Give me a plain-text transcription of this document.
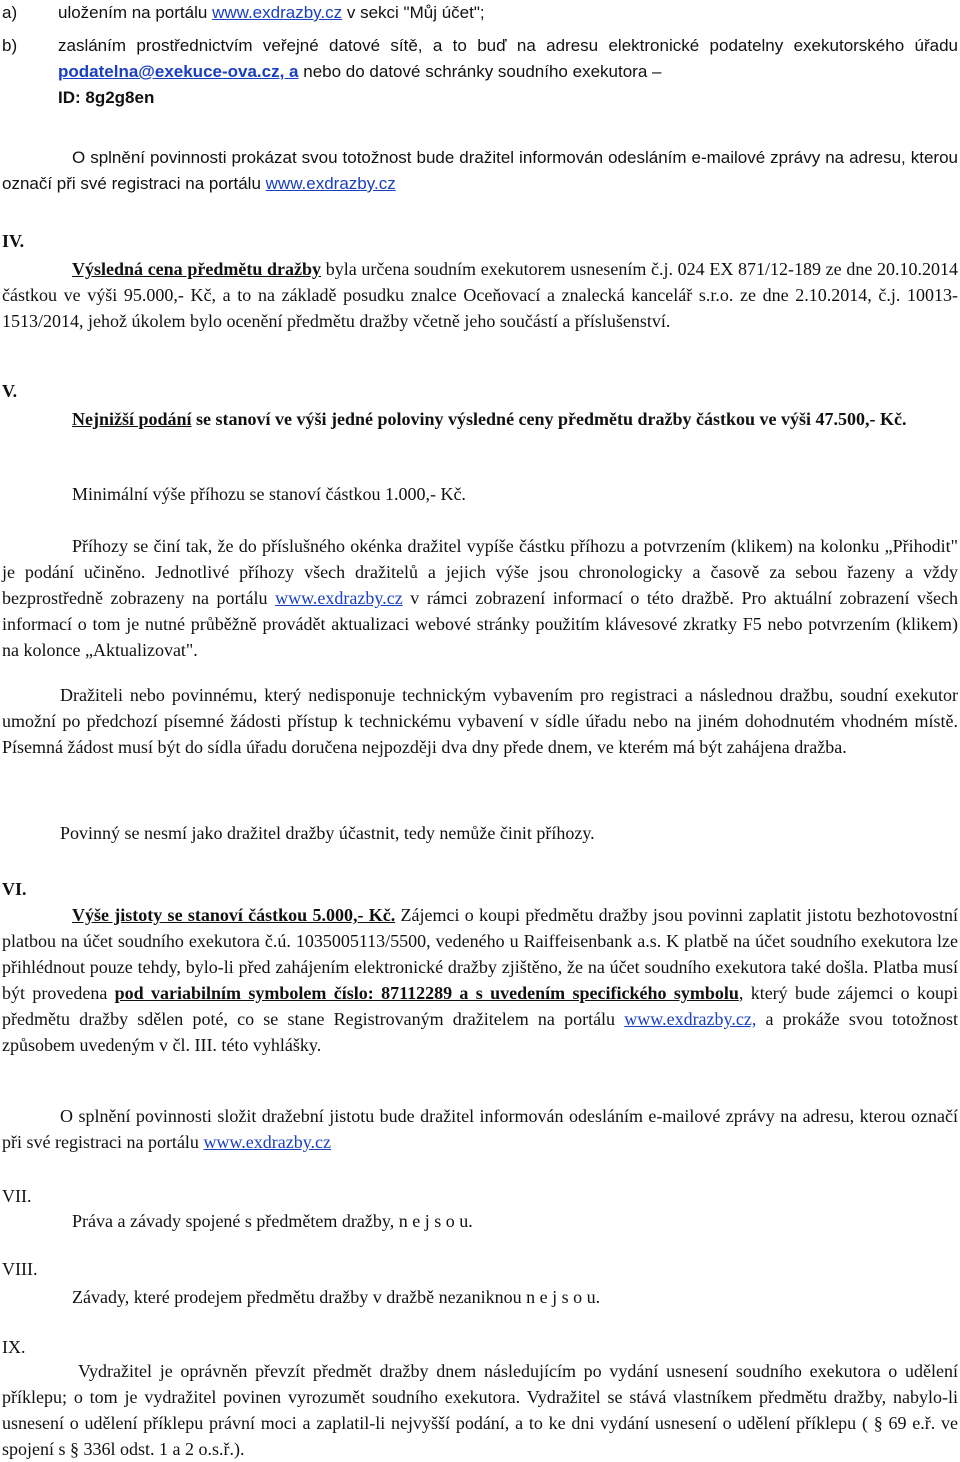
a) uložením na portálu www.exdrazby.cz v sekci "Můj účet";
b) zasláním prostřednictvím veřejné datové sítě, a to buď na adresu elektronické podatelny exekutorského úřadu podatelna@exekuce-ova.cz, a nebo do datové schránky soudního exekutora –
ID: 8g2g8en
O splnění povinnosti prokázat svou totožnost bude dražitel informován odesláním e-mailové zprávy na adresu, kterou označí při své registraci na portálu www.exdrazby.cz
IV.
Výsledná cena předmětu dražby byla určena soudním exekutorem usnesením č.j. 024 EX 871/12-189 ze dne 20.10.2014 částkou ve výši 95.000,- Kč, a to na základě posudku znalce Oceňovací a znalecká kancelář s.r.o. ze dne 2.10.2014, č.j. 10013-1513/2014, jehož úkolem bylo ocenění předmětu dražby včetně jeho součástí a příslušenství.
V.
Nejnižší podání se stanoví ve výši jedné poloviny výsledné ceny předmětu dražby částkou ve výši 47.500,- Kč.
Minimální výše příhozu se stanoví částkou 1.000,- Kč.
Příhozy se činí tak, že do příslušného okénka dražitel vypíše částku příhozu a potvrzením (klikem) na kolonku „Přihodit" je podání učiněno. Jednotlivé příhozy všech dražitelů a jejich výše jsou chronologicky a časově za sebou řazeny a vždy bezprostředně zobrazeny na portálu www.exdrazby.cz v rámci zobrazení informací o této dražbě. Pro aktuální zobrazení všech informací o tom je nutné průběžně provádět aktualizaci webové stránky použitím klávesové zkratky F5 nebo potvrzením (klikem) na kolonce „Aktualizovat".
Dražiteli nebo povinnému, který nedisponuje technickým vybavením pro registraci a následnou dražbu, soudní exekutor umožní po předchozí písemné žádosti přístup k technickému vybavení v sídle úřadu nebo na jiném dohodnutém vhodném místě. Písemná žádost musí být do sídla úřadu doručena nejpozději dva dny přede dnem, ve kterém má být zahájena dražba.
Povinný se nesmí jako dražitel dražby účastnit, tedy nemůže činit příhozy.
VI.
Výše jistoty se stanoví částkou 5.000,- Kč. Zájemci o koupi předmětu dražby jsou povinni zaplatit jistotu bezhotovostní platbou na účet soudního exekutora č.ú. 1035005113/5500, vedeného u Raiffeisenbank a.s. K platbě na účet soudního exekutora lze přihlédnout pouze tehdy, bylo-li před zahájením elektronické dražby zjištěno, že na účet soudního exekutora také došla. Platba musí být provedena pod variabilním symbolem číslo: 87112289 a s uvedením specifického symbolu, který bude zájemci o koupi předmětu dražby sdělen poté, co se stane Registrovaným dražitelem na portálu www.exdrazby.cz, a prokáže svou totožnost způsobem uvedeným v čl. III. této vyhlášky.
O splnění povinnosti složit dražební jistotu bude dražitel informován odesláním e-mailové zprávy na adresu, kterou označí při své registraci na portálu www.exdrazby.cz
VII.
Práva a závady spojené s předmětem dražby, n e j s o u.
VIII.
Závady, které prodejem předmětu dražby v dražbě nezaniknou n e j s o u.
IX.
Vydražitel je oprávněn převzít předmět dražby dnem následujícím po vydání usnesení soudního exekutora o udělení příklepu; o tom je vydražitel povinen vyrozumět soudního exekutora. Vydražitel se stává vlastníkem předmětu dražby, nabylo-li usnesení o udělení příklepu právní moci a zaplatil-li nejvyšší podání, a to ke dni vydání usnesení o udělení příklepu ( § 69 e.ř. ve spojení s § 336l odst. 1 a 2 o.s.ř.).
